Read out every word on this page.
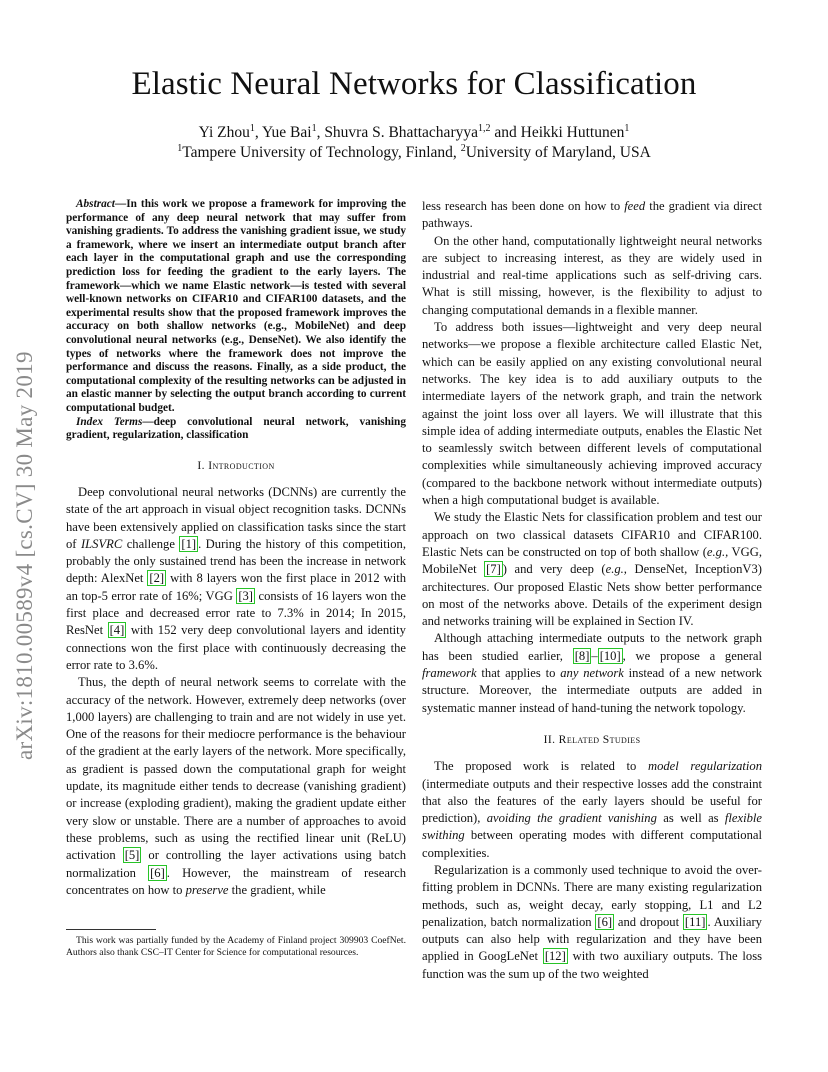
arXiv:1810.00589v4 [cs.CV] 30 May 2019
Elastic Neural Networks for Classification
Yi Zhou$^1$, Yue Bai$^1$, Shuvra S. Bhattacharyya$^{1,2}$ and Heikki Huttunen$^1$
$^1$Tampere University of Technology, Finland, $^2$University of Maryland, USA

Abstract—In this work we propose a framework for improving the performance of any deep neural network that may suffer from vanishing gradients. To address the vanishing gradient issue, we study a framework, where we insert an intermediate output branch after each layer in the computational graph and use the corresponding prediction loss for feeding the gradient to the early layers. The framework—which we name Elastic network—is tested with several well-known networks on CIFAR10 and CIFAR100 datasets, and the experimental results show that the proposed framework improves the accuracy on both shallow networks (e.g., MobileNet) and deep convolutional neural networks (e.g., DenseNet). We also identify the types of networks where the framework does not improve the performance and discuss the reasons. Finally, as a side product, the computational complexity of the resulting networks can be adjusted in an elastic manner by selecting the output branch according to current computational budget.

Index Terms—deep convolutional neural network, vanishing gradient, regularization, classification

I. Introduction

Deep convolutional neural networks (DCNNs) are currently the state of the art approach in visual object recognition tasks. DCNNs have been extensively applied on classification tasks since the start of ILSVRC challenge [1] . During the history of this competition, probably the only sustained trend has been the increase in network depth: AlexNet [2] with 8 layers won the first place in 2012 with an top-5 error rate of 16%; VGG [3] consists of 16 layers won the first place and decreased error rate to 7.3% in 2014; In 2015, ResNet [4] with 152 very deep convolutional layers and identity connections won the first place with continuously decreasing the error rate to 3.6%.

Thus, the depth of neural network seems to correlate with the accuracy of the network. However, extremely deep networks (over 1,000 layers) are challenging to train and are not widely in use yet. One of the reasons for their mediocre performance is the behaviour of the gradient at the early layers of the network. More specifically, as gradient is passed down the computational graph for weight update, its magnitude either tends to decrease (vanishing gradient) or increase (exploding gradient), making the gradient update either very slow or unstable. There are a number of approaches to avoid these problems, such as using the rectified linear unit (ReLU) activation [5] or controlling the layer activations using batch normalization [6] . However, the mainstream of research concentrates on how to preserve the gradient, while

This work was partially funded by the Academy of Finland project 309903 CoefNet. Authors also thank CSC–IT Center for Science for computational resources.

less research has been done on how to feed the gradient via direct pathways.

On the other hand, computationally lightweight neural networks are subject to increasing interest, as they are widely used in industrial and real-time applications such as self-driving cars. What is still missing, however, is the flexibility to adjust to changing computational demands in a flexible manner.

To address both issues—lightweight and very deep neural networks—we propose a flexible architecture called Elastic Net, which can be easily applied on any existing convolutional neural networks. The key idea is to add auxiliary outputs to the intermediate layers of the network graph, and train the network against the joint loss over all layers. We will illustrate that this simple idea of adding intermediate outputs, enables the Elastic Net to seamlessly switch between different levels of computational complexities while simultaneously achieving improved accuracy (compared to the backbone network without intermediate outputs) when a high computational budget is available.

We study the Elastic Nets for classification problem and test our approach on two classical datasets CIFAR10 and CIFAR100. Elastic Nets can be constructed on top of both shallow (e.g., VGG, MobileNet [7] ) and very deep (e.g., DenseNet, InceptionV3) architectures. Our proposed Elastic Nets show better performance on most of the networks above. Details of the experiment design and networks training will be explained in Section IV.

Although attaching intermediate outputs to the network graph has been studied earlier, [8] – [10] , we propose a general framework that applies to any network instead of a new network structure. Moreover, the intermediate outputs are added in systematic manner instead of hand-tuning the network topology.

II. Related Studies

The proposed work is related to model regularization (intermediate outputs and their respective losses add the constraint that also the features of the early layers should be useful for prediction), avoiding the gradient vanishing as well as flexible swithing between operating modes with different computational complexities.

Regularization is a commonly used technique to avoid the over-fitting problem in DCNNs. There are many existing regularization methods, such as, weight decay, early stopping, L1 and L2 penalization, batch normalization [6] and dropout [11] . Auxiliary outputs can also help with regularization and they have been applied in GoogLeNet [12] with two auxiliary outputs. The loss function was the sum up of the two weighted
